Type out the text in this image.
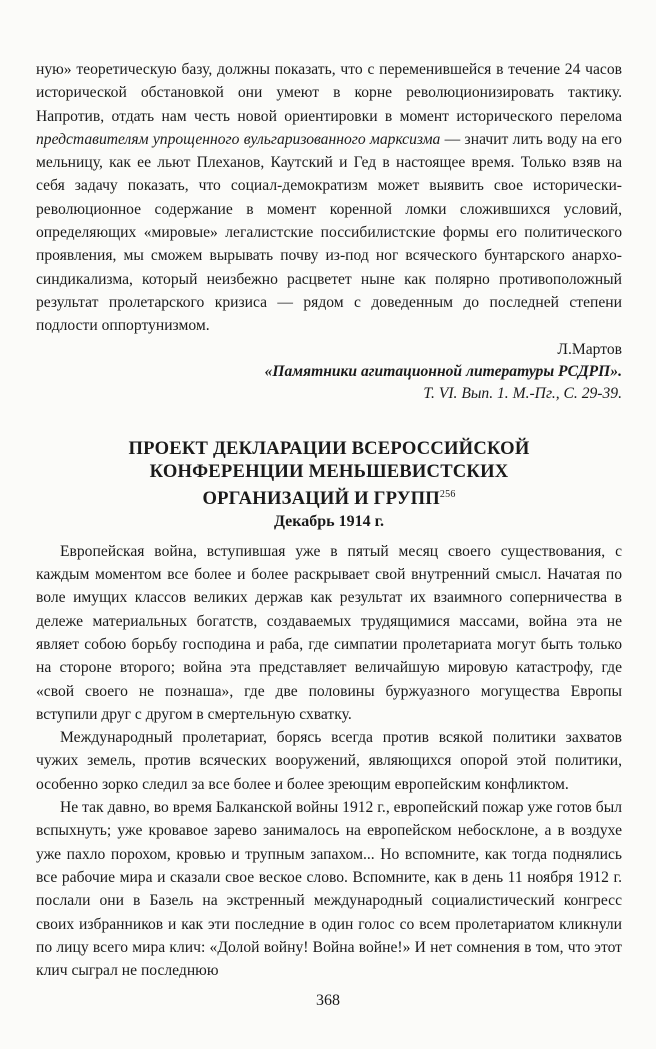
ную» теоретическую базу, должны показать, что с переменившейся в течение 24 часов исторической обстановкой они умеют в корне революционизировать тактику. Напротив, отдать нам честь новой ориентировки в момент исторического перелома представителям упрощенного вульгаризованного марксизма — значит лить воду на его мельницу, как ее льют Плеханов, Каутский и Гед в настоящее время. Только взяв на себя задачу показать, что социал-демократизм может выявить свое исторически-революционное содержание в момент коренной ломки сложившихся условий, определяющих «мировые» легалистские поссибилистские формы его политического проявления, мы сможем вырывать почву из-под ног всяческого бунтарского анархо-синдикализма, который неизбежно расцветет ныне как полярно противоположный результат пролетарского кризиса — рядом с доведенным до последней степени подлости оппортунизмом.

Л.Мартов
«Памятники агитационной литературы РСДРП».
Т. VI. Вып. 1. М.-Пг., С. 29-39.
ПРОЕКТ ДЕКЛАРАЦИИ ВСЕРОССИЙСКОЙ
КОНФЕРЕНЦИИ МЕНЬШЕВИСТСКИХ
ОРГАНИЗАЦИЙ И ГРУПП$^{256}$
Декабрь 1914 г.

Европейская война, вступившая уже в пятый месяц своего существования, с каждым моментом все более и более раскрывает свой внутренний смысл. Начатая по воле имущих классов великих держав как результат их взаимного соперничества в дележе материальных богатств, создаваемых трудящимися массами, война эта не являет собою борьбу господина и раба, где симпатии пролетариата могут быть только на стороне второго; война эта представляет величайшую мировую катастрофу, где «свой своего не познаша», где две половины буржуазного могущества Европы вступили друг с другом в смертельную схватку.

Международный пролетариат, борясь всегда против всякой политики захватов чужих земель, против всяческих вооружений, являющихся опорой этой политики, особенно зорко следил за все более и более зреющим европейским конфликтом.

Не так давно, во время Балканской войны 1912 г., европейский пожар уже готов был вспыхнуть; уже кровавое зарево занималось на европейском небосклоне, а в воздухе уже пахло порохом, кровью и трупным запахом... Но вспомните, как тогда поднялись все рабочие мира и сказали свое веское слово. Вспомните, как в день 11 ноября 1912 г. послали они в Базель на экстренный международный социалистический конгресс своих избранников и как эти последние в один голос со всем пролетариатом кликнули по лицу всего мира клич: «Долой войну! Война войне!» И нет сомнения в том, что этот клич сыграл не последнюю

368
